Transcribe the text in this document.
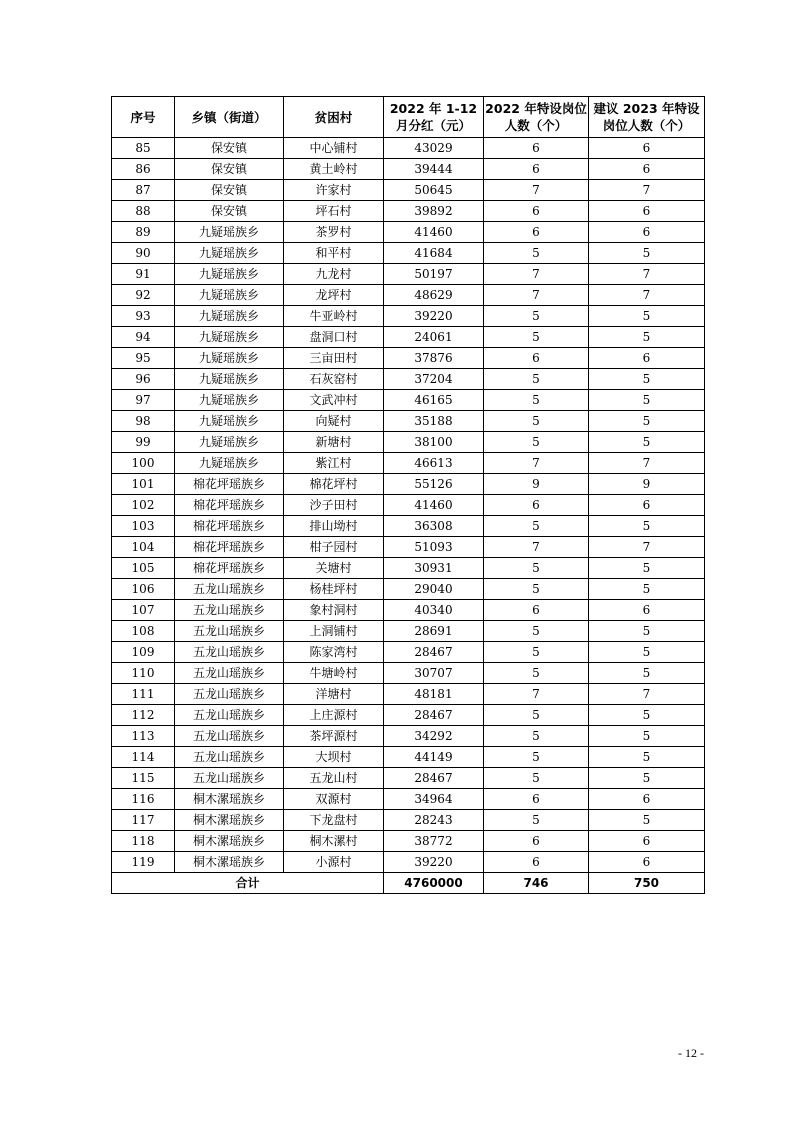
序号	乡镇（街道）	贫困村	2022 年 1-12 月分红（元）	2022 年特设岗位人数（个）	建议 2023 年特设岗位人数（个）
85	保安镇	中心铺村	43029	6	6
86	保安镇	黄土岭村	39444	6	6
87	保安镇	许家村	50645	7	7
88	保安镇	坪石村	39892	6	6
89	九疑瑶族乡	茶罗村	41460	6	6
90	九疑瑶族乡	和平村	41684	5	5
91	九疑瑶族乡	九龙村	50197	7	7
92	九疑瑶族乡	龙坪村	48629	7	7
93	九疑瑶族乡	牛亚岭村	39220	5	5
94	九疑瑶族乡	盘洞口村	24061	5	5
95	九疑瑶族乡	三亩田村	37876	6	6
96	九疑瑶族乡	石灰窑村	37204	5	5
97	九疑瑶族乡	文武冲村	46165	5	5
98	九疑瑶族乡	向疑村	35188	5	5
99	九疑瑶族乡	新塘村	38100	5	5
100	九疑瑶族乡	紫江村	46613	7	7
101	棉花坪瑶族乡	棉花坪村	55126	9	9
102	棉花坪瑶族乡	沙子田村	41460	6	6
103	棉花坪瑶族乡	排山坳村	36308	5	5
104	棉花坪瑶族乡	柑子园村	51093	7	7
105	棉花坪瑶族乡	关塘村	30931	5	5
106	五龙山瑶族乡	杨桂坪村	29040	5	5
107	五龙山瑶族乡	象村洞村	40340	6	6
108	五龙山瑶族乡	上洞铺村	28691	5	5
109	五龙山瑶族乡	陈家湾村	28467	5	5
110	五龙山瑶族乡	牛塘岭村	30707	5	5
111	五龙山瑶族乡	洋塘村	48181	7	7
112	五龙山瑶族乡	上庄源村	28467	5	5
113	五龙山瑶族乡	茶坪源村	34292	5	5
114	五龙山瑶族乡	大坝村	44149	5	5
115	五龙山瑶族乡	五龙山村	28467	5	5
116	桐木漯瑶族乡	双源村	34964	6	6
117	桐木漯瑶族乡	下龙盘村	28243	5	5
118	桐木漯瑶族乡	桐木漯村	38772	6	6
119	桐木漯瑶族乡	小源村	39220	6	6
合计			4760000	746	750
- 12 -
